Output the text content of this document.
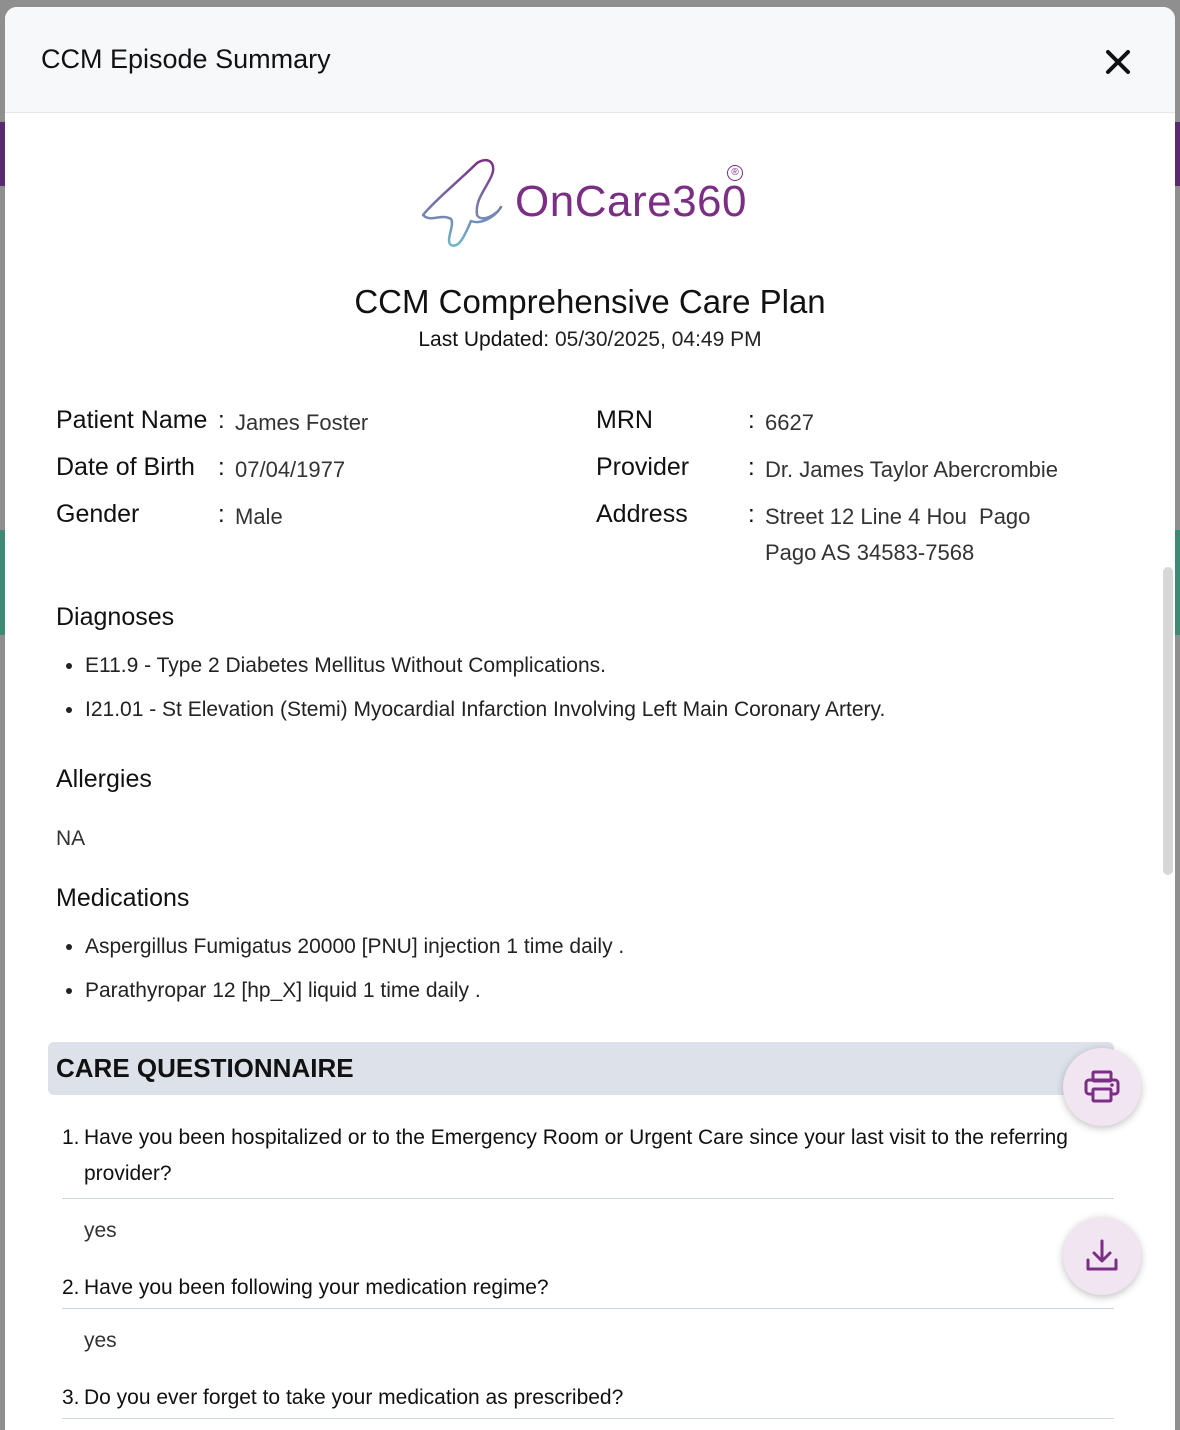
CCM Episode Summary
OnCare360
®
CCM Comprehensive Care Plan
Last Updated: 05/30/2025, 04:49 PM
Patient Name : James Foster
Date of Birth : 07/04/1977
Gender	: Male
MRN	: 6627
Provider : Dr. James Taylor Abercrombie
Address	: Street 12 Line 4 Hou  Pago
Pago AS 34583-7568
Diagnoses
• E11.9 - Type 2 Diabetes Mellitus Without Complications.
• I21.01 - St Elevation (Stemi) Myocardial Infarction Involving Left Main Coronary Artery.
Allergies
NA
Medications
• Aspergillus Fumigatus 20000 [PNU] injection 1 time daily .
• Parathyropar 12 [hp_X] liquid 1 time daily .
CARE QUESTIONNAIRE
1. Have you been hospitalized or to the Emergency Room or Urgent Care since your last visit to the referring provider?
yes
2. Have you been following your medication regime?
yes
3. Do you ever forget to take your medication as prescribed?
